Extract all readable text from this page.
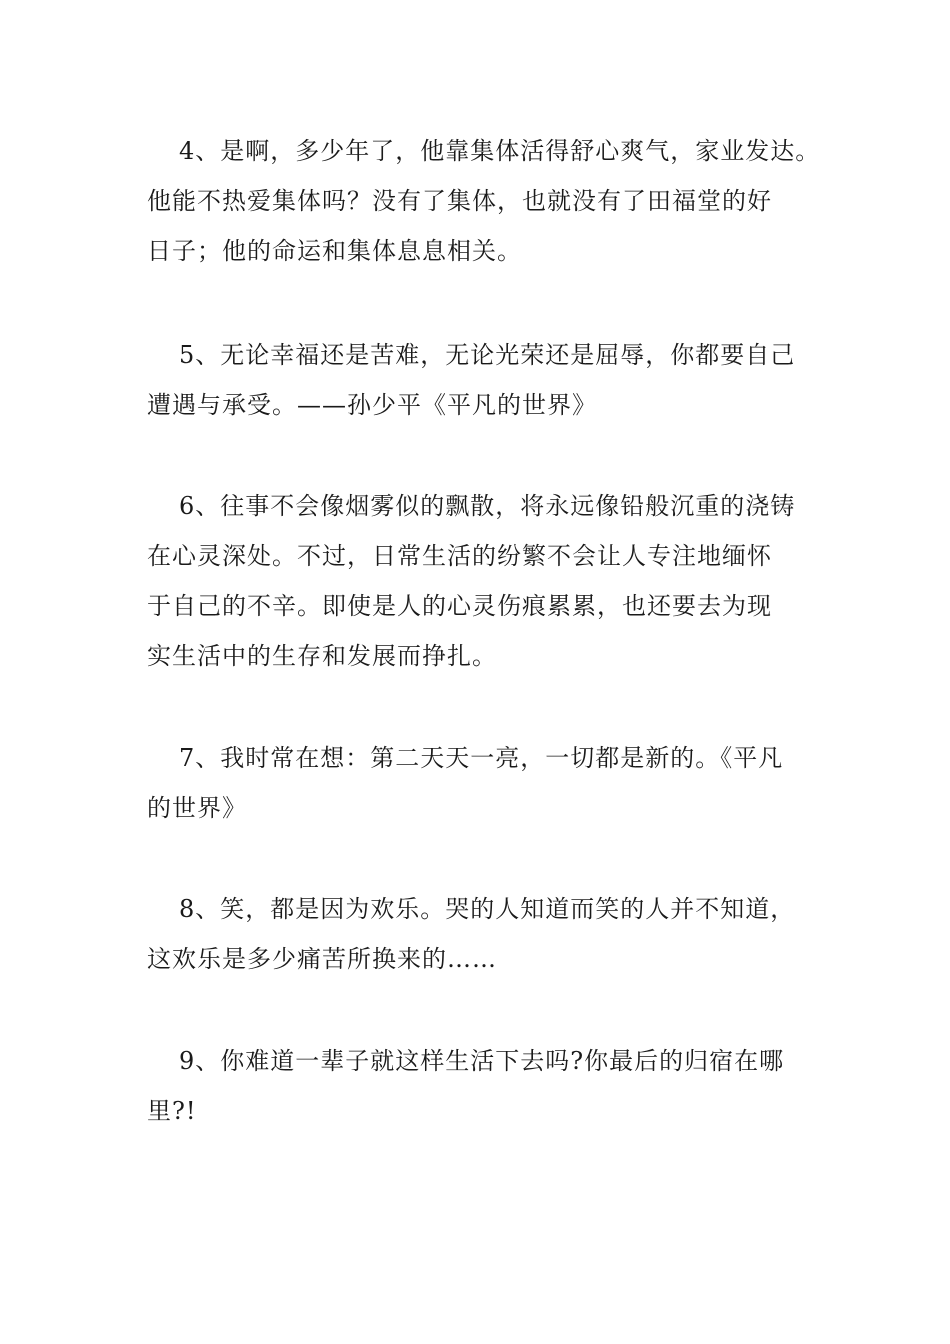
4、是啊，多少年了，他靠集体活得舒心爽气，家业发达。
他能不热爱集体吗？没有了集体，也就没有了田福堂的好
日子；他的命运和集体息息相关。
5、无论幸福还是苦难，无论光荣还是屈辱，你都要自己
遭遇与承受。——孙少平《平凡的世界》
6、往事不会像烟雾似的飘散，将永远像铅般沉重的浇铸
在心灵深处。不过，日常生活的纷繁不会让人专注地缅怀
于自己的不辛。即使是人的心灵伤痕累累，也还要去为现
实生活中的生存和发展而挣扎。
7、我时常在想：第二天天一亮，一切都是新的。《平凡
的世界》
8、笑，都是因为欢乐。哭的人知道而笑的人并不知道，
这欢乐是多少痛苦所换来的……
9、你难道一辈子就这样生活下去吗?你最后的归宿在哪
里?!
